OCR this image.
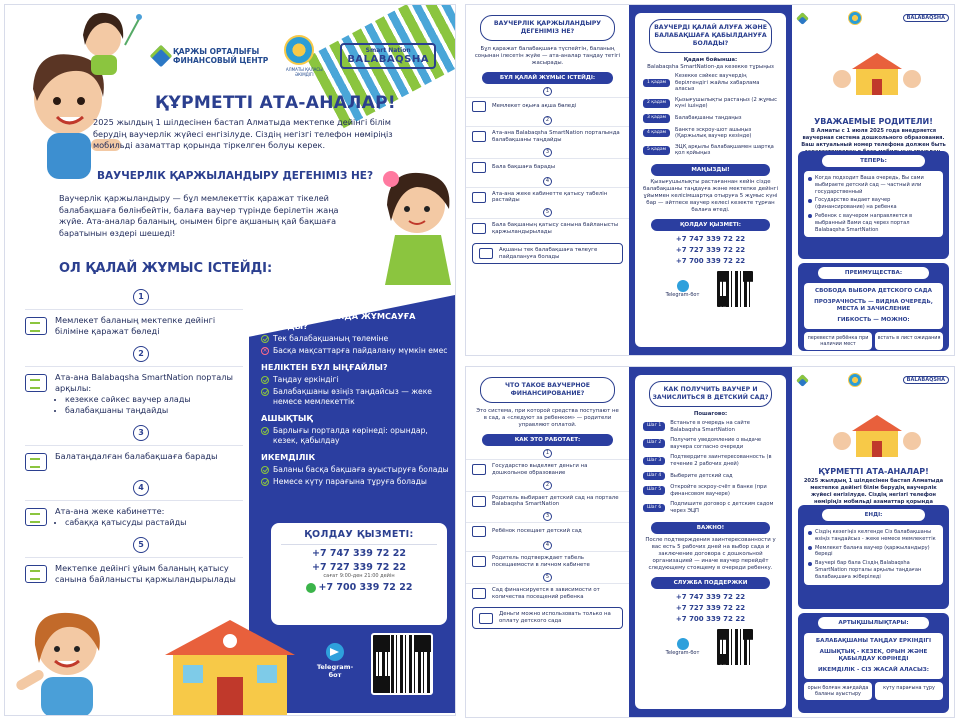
ҚАРЖЫ ОРТАЛЫҒЫ
ФИНАНСОВЫЙ ЦЕНТР
АЛМАТЫ ҚАЛАСЫ ӘКІМДІГІ
Smart Nation
BALABAQSHA
ҚҰРМЕТТІ АТА-АНАЛАР!
2025 жылдың 1 шілдесінен бастап Алматыда мектепке дейінгі білім берудің ваучерлік жүйесі енгізілуде. Сіздің негізгі телефон нөміріңіз мобильді азаматтар қорында тіркелген болуы керек.
ВАУЧЕРЛІК ҚАРЖЫЛАНДЫРУ ДЕГЕНІМІЗ НЕ?
Ваучерлік қаржыландыру — бұл мемлекеттік қаражат тікелей балабақшаға бөлінбейтін, балаға ваучер түрінде берілетін жаңа жүйе. Ата-аналар баланың, онымен бірге ақшаның қай бақшаға баратынын өздері шешеді!
ОЛ ҚАЛАЙ ЖҰМЫС ІСТЕЙДІ:
1
Мемлекет баланың мектепке дейінгі біліміне қаражат бөледі
2
Ата-ана Balabaqsha SmartNation порталы арқылы:
• кезекке сәйкес ваучер алады
• балабақшаны таңдайды
3
Балатаңдалған балабақшаға барады
4
Ата-ана жеке кабинетте:
• сабаққа қатысуды растайды
5
Мектепке дейінгі ұйым баланың қатысу санына байланысты қаржыландырылады
ҚАРАЖАТТЫ ҚАЙДА ЖҰМСАУҒА БОЛАДЫ?
Тек балабақшаның төлеміне
× Басқа мақсаттарға пайдалану мүмкін емес
НЕЛІКТЕН БҰЛ ЫҢҒАЙЛЫ?
Таңдау еркіндігі
Балабақшаны өзіңіз таңдайсыз — жеке немесе мемлекеттік
АШЫҚТЫҚ
Барлығы порталда көрінеді: орындар, кезек, қабылдау
ИКЕМДІЛІК
Баланы басқа бақшаға ауыстыруға болады
Немесе күту парағына тұруға болады
ҚОЛДАУ ҚЫЗМЕТІ:
+7 747 339 72 22
+7 727 339 72 22
сағат 9:00-ден 21:00 дейін
+7 700 339 72 22
Telegram-бот
ВАУЧЕРЛІК ҚАРЖЫЛАНДЫРУ ДЕГЕНІМІЗ НЕ?
Бұл қаражат балабақшаға түспейтін, баланың соңынан ілесетін жүйе — ата-аналар таңдау тетігі жасырады.
БҰЛ ҚАЛАЙ ЖҰМЫС ІСТЕЙДІ:
1
Мемлекет оқыға ақша бөледі
2
Ата-ана Balabaqsha SmartNation порталында балабақшаны таңдайды
3
Бала бақшаға барады
4
Ата-ана жеке кабинетте қатысу табелін растайды
5
Бала бақшаның қатысу санына байланысты қаржыландырылады
Ақшаны тек балабақшаға төлеуге пайдалануға болады
ВАУЧЕРДІ ҚАЛАЙ АЛУҒА ЖӘНЕ БАЛАБАҚШАҒА ҚАБЫЛДАНУҒА БОЛАДЫ?
Қадам бойынша:
Balabaqsha SmartNation-да кезекке тұрыңыз
1 қадам
Кезекке сәйкес ваучердің берілгендігі жайлы хабарлама аласыз
2 қадам	Қызығушылықты растаңыз (2 жұмыс күні ішінде)
3 қадам	Балабақшаны таңдаңыз
4 қадам	Банкте эскроу-шот ашыңыз (Қаржылық ваучер кезінде)
5 қадам	ЭЦҚ арқылы балабақшамен шартқа қол қойыңыз
МАҢЫЗДЫ!
Қызығушылықты растағаннан кейін сізде балабақшаны таңдауға және мектепке дейінгі ұйыммен келісімшартқа отыруға 5 жұмыс күні бар — әйтпесе ваучер келесі кезекте тұрған балаға өтеді.
ҚОЛДАУ ҚЫЗМЕТІ:
+7 747 339 72 22
+7 727 339 72 22
+7 700 339 72 22
Telegram-бот
BALABAQSHA
УВАЖАЕМЫЕ РОДИТЕЛИ!
В Алматы с 1 июля 2025 года внедряется ваучерная система дошкольного образования. Ваш актуальный номер телефона должен быть
ТЕПЕРЬ:
Когда подходит Ваша очередь, Вы сами выбираете детский сад — частный или государственный
Государство выдает ваучер (финансирование) на ребенка
Ребенок с ваучером направляется в выбранный Вами сад через портал Balabaqsha SmartNation
ПРЕИМУЩЕСТВА:
СВОБОДА ВЫБОРА ДЕТСКОГО САДА
ПРОЗРАЧНОСТЬ — ВИДНА ОЧЕРЕДЬ, МЕСТА И ЗАЧИСЛЕНИЕ
ГИБКОСТЬ — МОЖНО:
перевести ребёнка при наличии мест
встать в лист ожидания
ЧТО ТАКОЕ ВАУЧЕРНОЕ ФИНАНСИРОВАНИЕ?
Это система, при которой средства поступают не в сад, а «следуют за ребенком» — родители управляют оплатой.
КАК ЭТО РАБОТАЕТ:
1
Государство выделяет деньги на дошкольное образование
2
Родитель выбирает детский сад на портале Balabaqsha SmartNation
3
Ребёнок посещает детский сад
4
Родитель подтверждает табель посещаемости в личном кабинете
5
Сад финансируется в зависимости от количества посещений ребенка
Деньги можно использовать только на оплату детского сада
КАК ПОЛУЧИТЬ ВАУЧЕР И ЗАЧИСЛИТЬСЯ В ДЕТСКИЙ САД?
Пошагово:
Шаг 1	Встаньте в очередь на сайте Balabaqsha SmartNation
Шаг 2	Получите уведомление о выдаче ваучера согласно очереди
Шаг 3	Подтвердите заинтересованность (в течение 2 рабочих дней)
Шаг 4	Выберите детский сад
Шаг 5	Откройте эскроу-счёт в банке (при финансовом ваучере)
Шаг 6	Подпишите договор с детским садом через ЭЦП
ВАЖНО!
После подтверждения заинтересованности у вас есть 5 рабочих дней на выбор сада и заключение договора с дошкольной организацией — иначе ваучер перейдёт следующему стоящему в очереди ребенку.
СЛУЖБА ПОДДЕРЖКИ
+7 747 339 72 22
+7 727 339 72 22
+7 700 339 72 22
Telegram-бот
BALABAQSHA
ҚҰРМЕТТІ АТА-АНАЛАР!
2025 жылдың 1 шілдесінен бастап Алматыда мектепке дейінгі білім берудің ваучерлік жүйесі енгізілуде. Сіздің негізгі телефон нөміріңіз мобильді азаматтар қорында
ЕНДІ:
Сіздің кезегіңіз келгенде Сіз балабақшаны өзіңіз таңдайсыз - жеке немесе мемлекеттік
Мемлекет балаға ваучер (қаржыландыру) береді
Ваучері бар бала Сіздің Balabaqsha SmartNation порталы арқылы таңдаған балабақшаға жіберіледі
АРТЫҚШЫЛЫҚТАРЫ:
БАЛАБАҚШАНЫ ТАҢДАУ ЕРКІНДІГІ
АШЫҚТЫҚ - КЕЗЕК, ОРЫН ЖӘНЕ ҚАБЫЛДАУ КӨРІНЕДІ
ИКЕМДІЛІК - СІЗ ЖАСАЙ АЛАСЫЗ:
орын болған жағдайда баланы ауыстыру
күту парағына тұру
